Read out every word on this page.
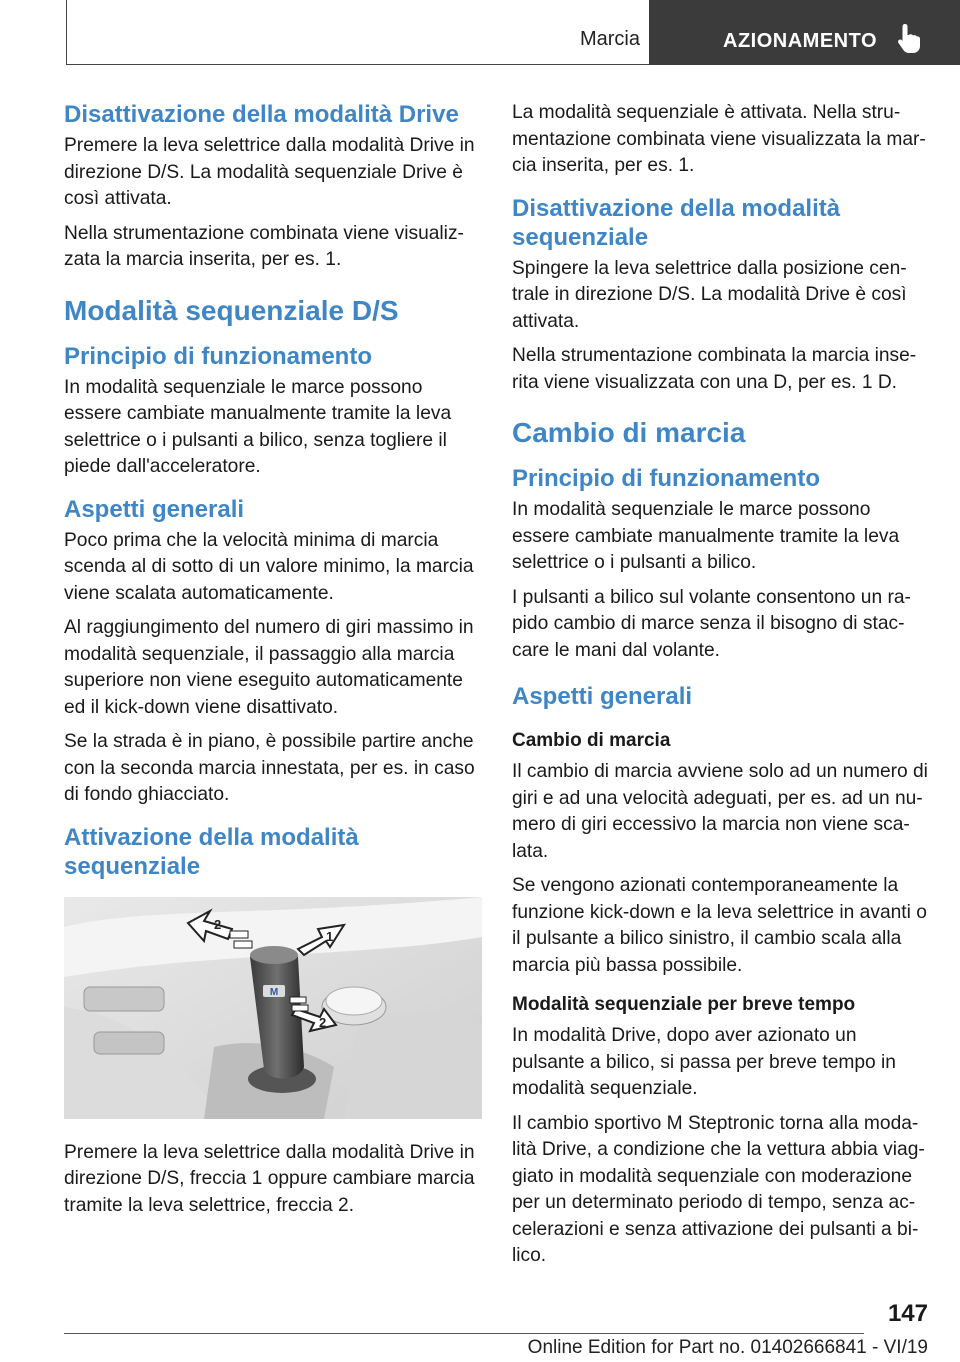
Marcia	AZIONAMENTO
Disattivazione della modalità Drive

Premere la leva selettrice dalla modalità Drive in direzione D/S. La modalità sequenziale Drive è così attivata.

Nella strumentazione combinata viene visualizzata la marcia inserita, per es. 1.

Modalità sequenziale D/S
Principio di funzionamento

In modalità sequenziale le marce possono essere cambiate manualmente tramite la leva selettrice o i pulsanti a bilico, senza togliere il piede dall'acceleratore.

Aspetti generali

Poco prima che la velocità minima di marcia scenda al di sotto di un valore minimo, la marcia viene scalata automaticamente.

Al raggiungimento del numero di giri massimo in modalità sequenziale, il passaggio alla marcia superiore non viene eseguito automaticamente ed il kick-down viene disattivato.

Se la strada è in piano, è possibile partire anche con la seconda marcia innestata, per es. in caso di fondo ghiacciato.

Attivazione della modalità sequenziale
M
2
1
2

Premere la leva selettrice dalla modalità Drive in direzione D/S, freccia 1 oppure cambiare marcia tramite la leva selettrice, freccia 2.

La modalità sequenziale è attivata. Nella strumentazione combinata viene visualizzata la marcia inserita, per es. 1.

Disattivazione della modalità sequenziale

Spingere la leva selettrice dalla posizione centrale in direzione D/S. La modalità Drive è così attivata.

Nella strumentazione combinata la marcia inserita viene visualizzata con una D, per es. 1 D.

Cambio di marcia
Principio di funzionamento

In modalità sequenziale le marce possono essere cambiate manualmente tramite la leva selettrice o i pulsanti a bilico.

I pulsanti a bilico sul volante consentono un rapido cambio di marce senza il bisogno di staccare le mani dal volante.

Aspetti generali
Cambio di marcia

Il cambio di marcia avviene solo ad un numero di giri e ad una velocità adeguati, per es. ad un numero di giri eccessivo la marcia non viene scalata.

Se vengono azionati contemporaneamente la funzione kick-down e la leva selettrice in avanti o il pulsante a bilico sinistro, il cambio scala alla marcia più bassa possibile.

Modalità sequenziale per breve tempo

In modalità Drive, dopo aver azionato un pulsante a bilico, si passa per breve tempo in modalità sequenziale.

Il cambio sportivo M Steptronic torna alla modalità Drive, a condizione che la vettura abbia viaggiato in modalità sequenziale con moderazione per un determinato periodo di tempo, senza accelerazioni e senza attivazione dei pulsanti a bilico.

147
Online Edition for Part no. 01402666841 - VI/19
